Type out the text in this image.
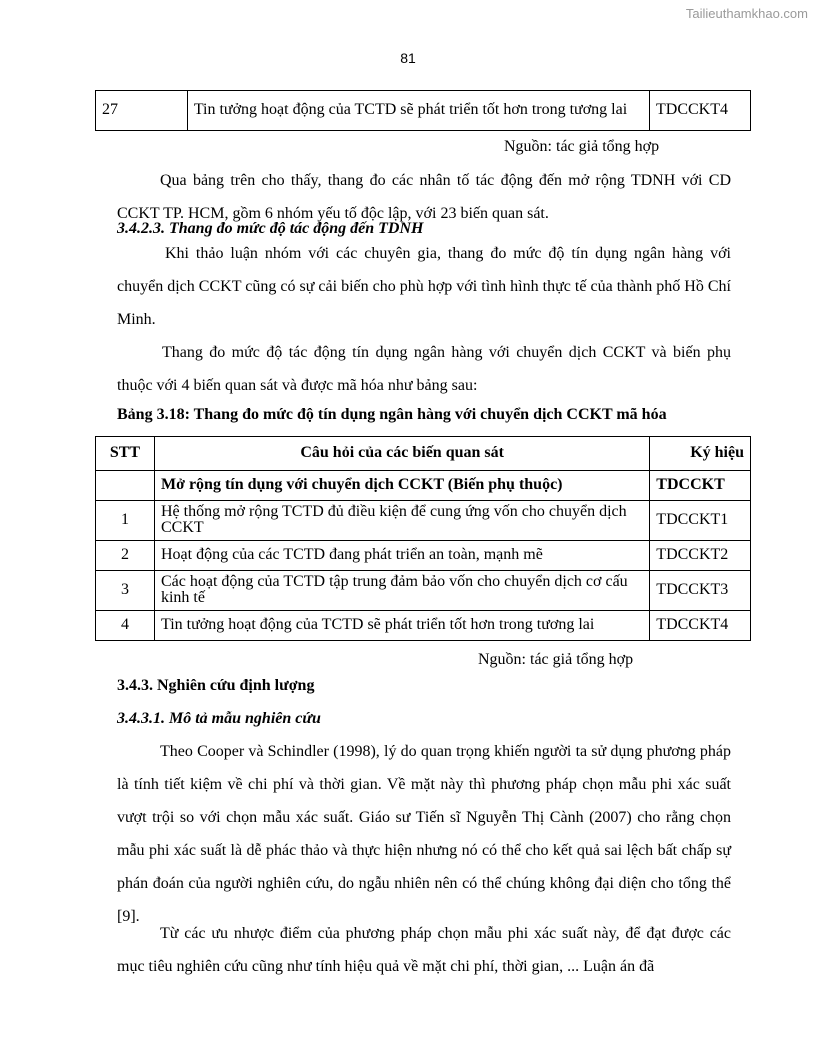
Tailieuthamkhao.com
81
27	Tin tưởng hoạt động của TCTD sẽ phát triển tốt hơn trong tương lai	TDCCKT4
Nguồn: tác giả tổng hợp
Qua bảng trên cho thấy, thang đo các nhân tố tác động đến mở rộng TDNH với CD CCKT TP. HCM, gồm 6 nhóm yếu tố độc lập, với 23 biến quan sát.
3.4.2.3. Thang đo mức độ tác động đến TDNH
Khi thảo luận nhóm với các chuyên gia, thang đo mức độ tín dụng ngân hàng với chuyển dịch CCKT cũng có sự cải biến cho phù hợp với tình hình thực tế của thành phố Hồ Chí Minh.
Thang đo mức độ tác động tín dụng ngân hàng với chuyển dịch CCKT và biến phụ thuộc với 4 biến quan sát và được mã hóa như bảng sau:
Bảng 3.18: Thang đo mức độ tín dụng ngân hàng với chuyển dịch CCKT mã hóa
STT	Câu hỏi của các biến quan sát	Ký hiệu
	Mở rộng tín dụng với chuyển dịch CCKT (Biến phụ thuộc)	TDCCKT
1	Hệ thống mở rộng TCTD đủ điều kiện để cung ứng vốn cho chuyển dịch CCKT	TDCCKT1
2	Hoạt động của các TCTD đang phát triển an toàn, mạnh mẽ	TDCCKT2
3	Các hoạt động của TCTD tập trung đảm bảo vốn cho chuyển dịch cơ cấu kinh tế	TDCCKT3
4	Tin tưởng hoạt động của TCTD sẽ phát triển tốt hơn trong tương lai	TDCCKT4
Nguồn: tác giả tổng hợp
3.4.3. Nghiên cứu định lượng
3.4.3.1. Mô tả mẫu nghiên cứu
Theo Cooper và Schindler (1998), lý do quan trọng khiến người ta sử dụng phương pháp là tính tiết kiệm về chi phí và thời gian. Về mặt này thì phương pháp chọn mẫu phi xác suất vượt trội so với chọn mẫu xác suất. Giáo sư Tiến sĩ Nguyễn Thị Cành (2007) cho rằng chọn mẫu phi xác suất là dễ phác thảo và thực hiện nhưng nó có thể cho kết quả sai lệch bất chấp sự phán đoán của người nghiên cứu, do ngẫu nhiên nên có thể chúng không đại diện cho tổng thể [9].
Từ các ưu nhược điểm của phương pháp chọn mẫu phi xác suất này, để đạt được các mục tiêu nghiên cứu cũng như tính hiệu quả về mặt chi phí, thời gian, ... Luận án đã
